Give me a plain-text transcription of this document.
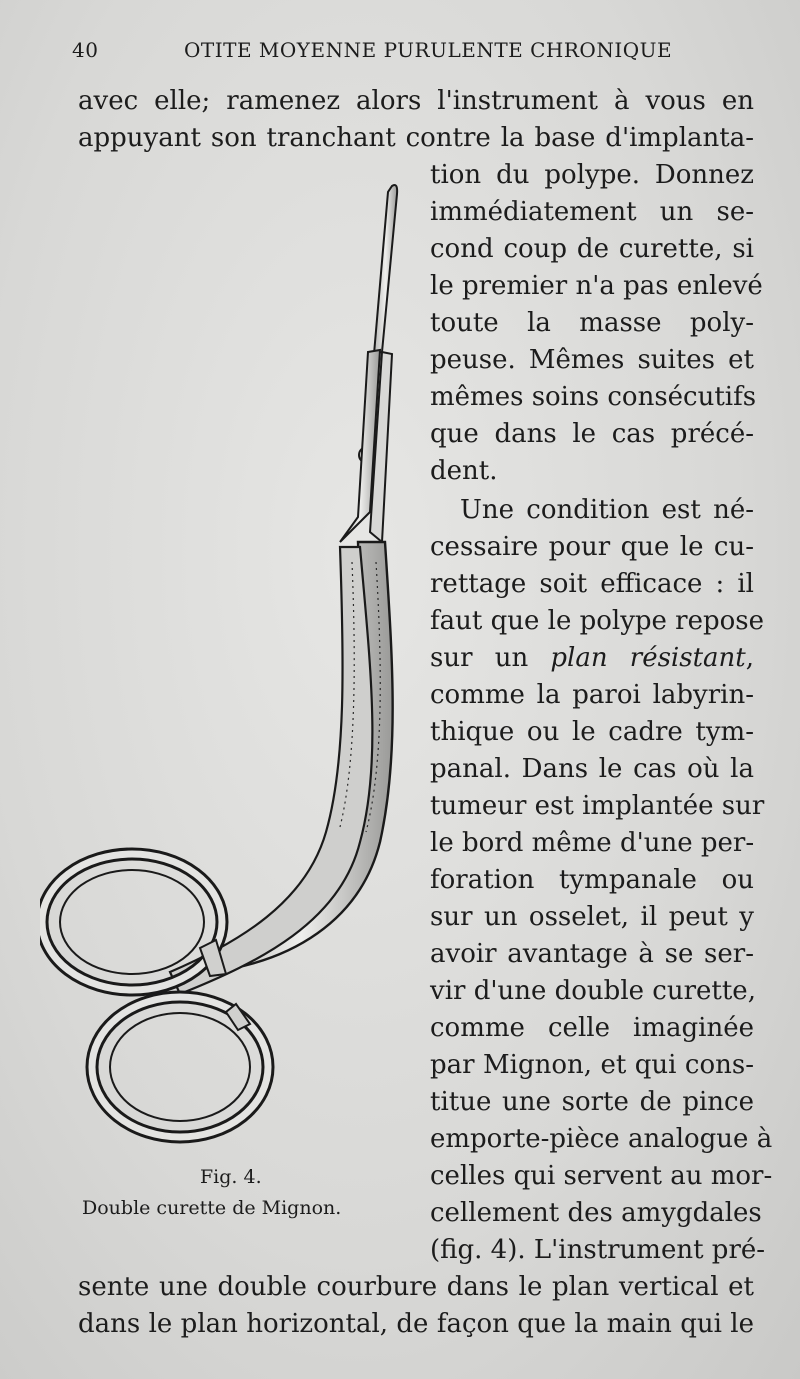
40	OTITE MOYENNE PURULENTE CHRONIQUE
avec elle; ramenez alors l'instrument à vous en
appuyant son tranchant contre la base d'implanta-
tion du polype. Donnez
immédiatement un se-
cond coup de curette, si
le premier n'a pas enlevé
toute la masse poly-
peuse. Mêmes suites et
mêmes soins consécutifs
que dans le cas précé-
dent.
Une condition est né-
cessaire pour que le cu-
rettage soit efficace : il
faut que le polype repose
sur un plan résistant,
comme la paroi labyrin-
thique ou le cadre tym-
panal. Dans le cas où la
tumeur est implantée sur
le bord même d'une per-
foration tympanale ou
sur un osselet, il peut y
avoir avantage à se ser-
vir d'une double curette,
comme celle imaginée
par Mignon, et qui cons-
titue une sorte de pince
emporte-pièce analogue à
celles qui servent au mor-
cellement des amygdales
(fig. 4). L'instrument pré-
sente une double courbure dans le plan vertical et
dans le plan horizontal, de façon que la main qui le
Fig. 4.
Double curette de Mignon.
